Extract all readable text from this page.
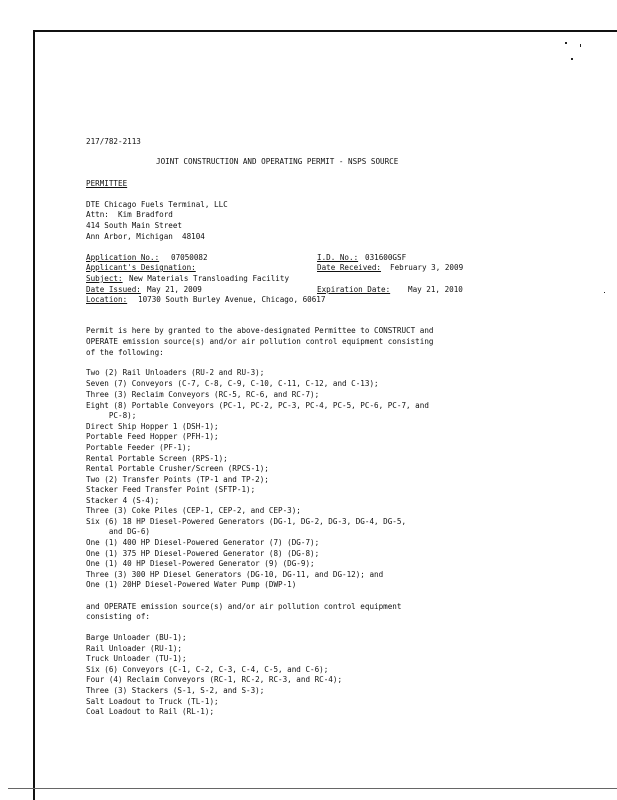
217/782-2113
JOINT CONSTRUCTION AND OPERATING PERMIT - NSPS SOURCE
PERMITTEE
DTE Chicago Fuels Terminal, LLC
Attn:  Kim Bradford
414 South Main Street
Ann Arbor, Michigan  48104
Application No.: 07050082	I.D. No.: 031600GSF
Applicant's Designation:	Date Received: February 3, 2009
Subject: New Materials Transloading Facility
Date Issued: May 21, 2009	Expiration Date: May 21, 2010
Location: 10730 South Burley Avenue, Chicago, 60617
Permit is here by granted to the above-designated Permittee to CONSTRUCT and
OPERATE emission source(s) and/or air pollution control equipment consisting
of the following:
Two (2) Rail Unloaders (RU-2 and RU-3);
Seven (7) Conveyors (C-7, C-8, C-9, C-10, C-11, C-12, and C-13);
Three (3) Reclaim Conveyors (RC-5, RC-6, and RC-7);
Eight (8) Portable Conveyors (PC-1, PC-2, PC-3, PC-4, PC-5, PC-6, PC-7, and
PC-8);
Direct Ship Hopper 1 (DSH-1);
Portable Feed Hopper (PFH-1);
Portable Feeder (PF-1);
Rental Portable Screen (RPS-1);
Rental Portable Crusher/Screen (RPCS-1);
Two (2) Transfer Points (TP-1 and TP-2);
Stacker Feed Transfer Point (SFTP-1);
Stacker 4 (S-4);
Three (3) Coke Piles (CEP-1, CEP-2, and CEP-3);
Six (6) 18 HP Diesel-Powered Generators (DG-1, DG-2, DG-3, DG-4, DG-5,
and DG-6)
One (1) 400 HP Diesel-Powered Generator (7) (DG-7);
One (1) 375 HP Diesel-Powered Generator (8) (DG-8);
One (1) 40 HP Diesel-Powered Generator (9) (DG-9);
Three (3) 300 HP Diesel Generators (DG-10, DG-11, and DG-12); and
One (1) 20HP Diesel-Powered Water Pump (DWP-1)
and OPERATE emission source(s) and/or air pollution control equipment
consisting of:
Barge Unloader (BU-1);
Rail Unloader (RU-1);
Truck Unloader (TU-1);
Six (6) Conveyors (C-1, C-2, C-3, C-4, C-5, and C-6);
Four (4) Reclaim Conveyors (RC-1, RC-2, RC-3, and RC-4);
Three (3) Stackers (S-1, S-2, and S-3);
Salt Loadout to Truck (TL-1);
Coal Loadout to Rail (RL-1);
